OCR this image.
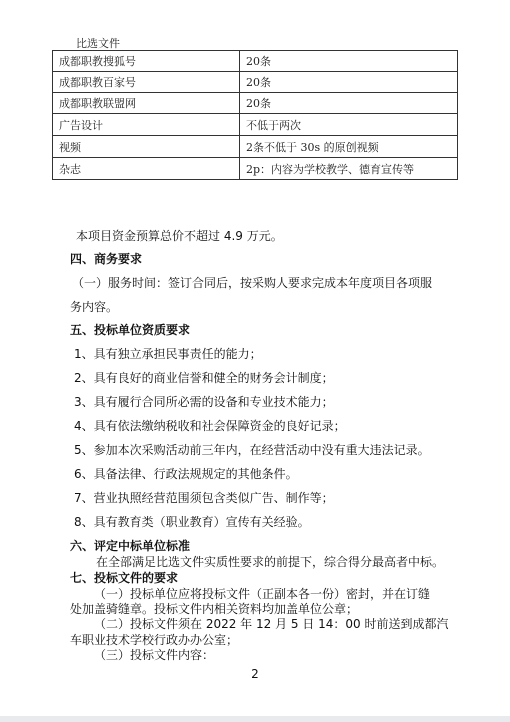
比选文件
成都职教搜狐号	20条
成都职教百家号	20条
成都职教联盟网	20条
广告设计	不低于两次
视频	2条不低于 30s 的原创视频
杂志	2p：内容为学校教学、德育宣传等
本项目资金预算总价不超过 4.9 万元。
四、商务要求
（一）服务时间：签订合同后，按采购人要求完成本年度项目各项服
务内容。
五、投标单位资质要求
1、具有独立承担民事责任的能力；
2、具有良好的商业信誉和健全的财务会计制度；
3、具有履行合同所必需的设备和专业技术能力；
4、具有依法缴纳税收和社会保障资金的良好记录；
5、参加本次采购活动前三年内，在经营活动中没有重大违法记录。
6、具备法律、行政法规规定的其他条件。
7、营业执照经营范围须包含类似广告、制作等；
8、具有教育类（职业教育）宣传有关经验。
六、评定中标单位标准
在全部满足比选文件实质性要求的前提下，综合得分最高者中标。
七、投标文件的要求
（一）投标单位应将投标文件（正副本各一份）密封，并在订缝
处加盖骑缝章。投标文件内相关资料均加盖单位公章；
（二）投标文件须在 2022 年 12 月 5 日 14：00 时前送到成都汽
车职业技术学校行政办办公室；
（三）投标文件内容：
2
